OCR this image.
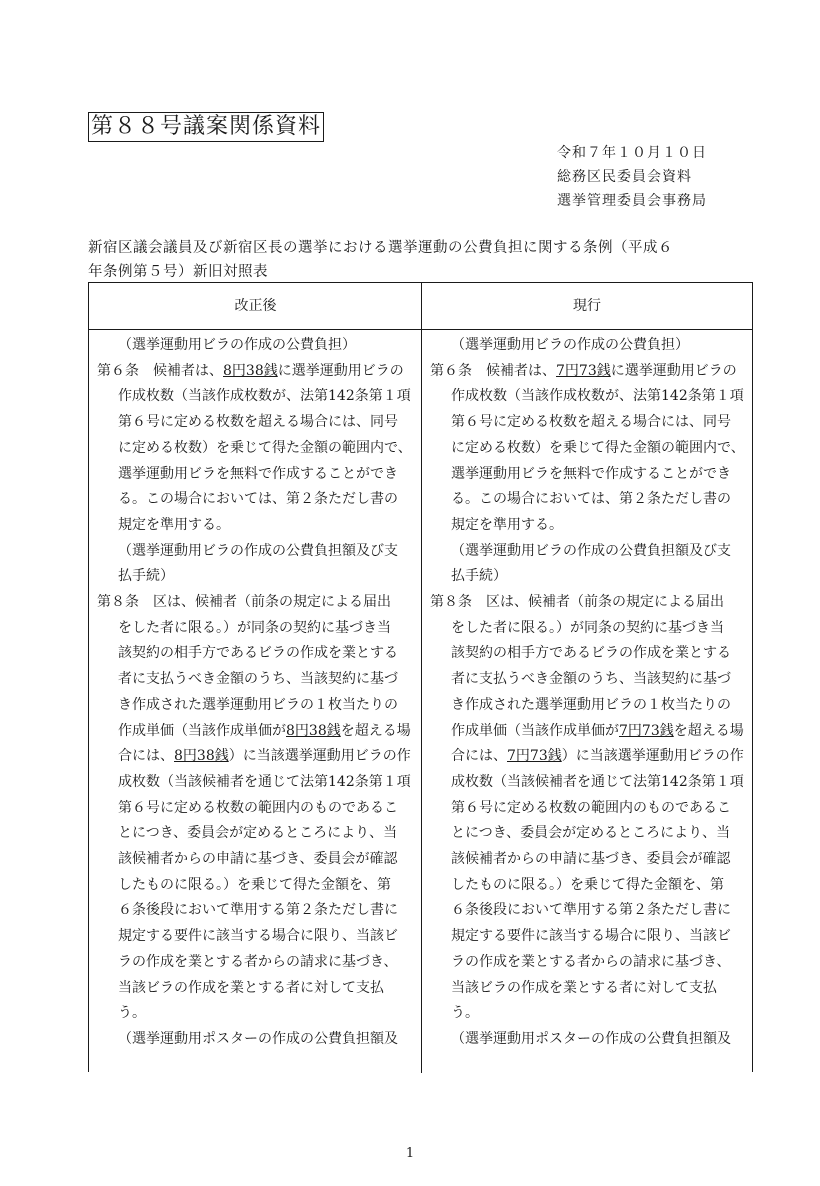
第８８号議案関係資料
令和７年１０月１０日
総務区民委員会資料
選挙管理委員会事務局
新宿区議会議員及び新宿区長の選挙における選挙運動の公費負担に関する条例（平成６
年条例第５号）新旧対照表
改正後	現行
（選挙運動用ビラの作成の公費負担）
第６条　候補者は、8円38銭に選挙運動用ビラの
作成枚数（当該作成枚数が、法第142条第１項
第６号に定める枚数を超える場合には、同号
に定める枚数）を乗じて得た金額の範囲内で、
選挙運動用ビラを無料で作成することができ
る。この場合においては、第２条ただし書の
規定を準用する。
（選挙運動用ビラの作成の公費負担額及び支
払手続）
第８条　区は、候補者（前条の規定による届出
をした者に限る。）が同条の契約に基づき当
該契約の相手方であるビラの作成を業とする
者に支払うべき金額のうち、当該契約に基づ
き作成された選挙運動用ビラの１枚当たりの
作成単価（当該作成単価が8円38銭を超える場
合には、8円38銭）に当該選挙運動用ビラの作
成枚数（当該候補者を通じて法第142条第１項
第６号に定める枚数の範囲内のものであるこ
とにつき、委員会が定めるところにより、当
該候補者からの申請に基づき、委員会が確認
したものに限る。）を乗じて得た金額を、第
６条後段において準用する第２条ただし書に
規定する要件に該当する場合に限り、当該ビ
ラの作成を業とする者からの請求に基づき、
当該ビラの作成を業とする者に対して支払
う。
（選挙運動用ポスターの作成の公費負担額及
（選挙運動用ビラの作成の公費負担）
第６条　候補者は、7円73銭に選挙運動用ビラの
作成枚数（当該作成枚数が、法第142条第１項
第６号に定める枚数を超える場合には、同号
に定める枚数）を乗じて得た金額の範囲内で、
選挙運動用ビラを無料で作成することができ
る。この場合においては、第２条ただし書の
規定を準用する。
（選挙運動用ビラの作成の公費負担額及び支
払手続）
第８条　区は、候補者（前条の規定による届出
をした者に限る。）が同条の契約に基づき当
該契約の相手方であるビラの作成を業とする
者に支払うべき金額のうち、当該契約に基づ
き作成された選挙運動用ビラの１枚当たりの
作成単価（当該作成単価が7円73銭を超える場
合には、7円73銭）に当該選挙運動用ビラの作
成枚数（当該候補者を通じて法第142条第１項
第６号に定める枚数の範囲内のものであるこ
とにつき、委員会が定めるところにより、当
該候補者からの申請に基づき、委員会が確認
したものに限る。）を乗じて得た金額を、第
６条後段において準用する第２条ただし書に
規定する要件に該当する場合に限り、当該ビ
ラの作成を業とする者からの請求に基づき、
当該ビラの作成を業とする者に対して支払
う。
（選挙運動用ポスターの作成の公費負担額及
1
